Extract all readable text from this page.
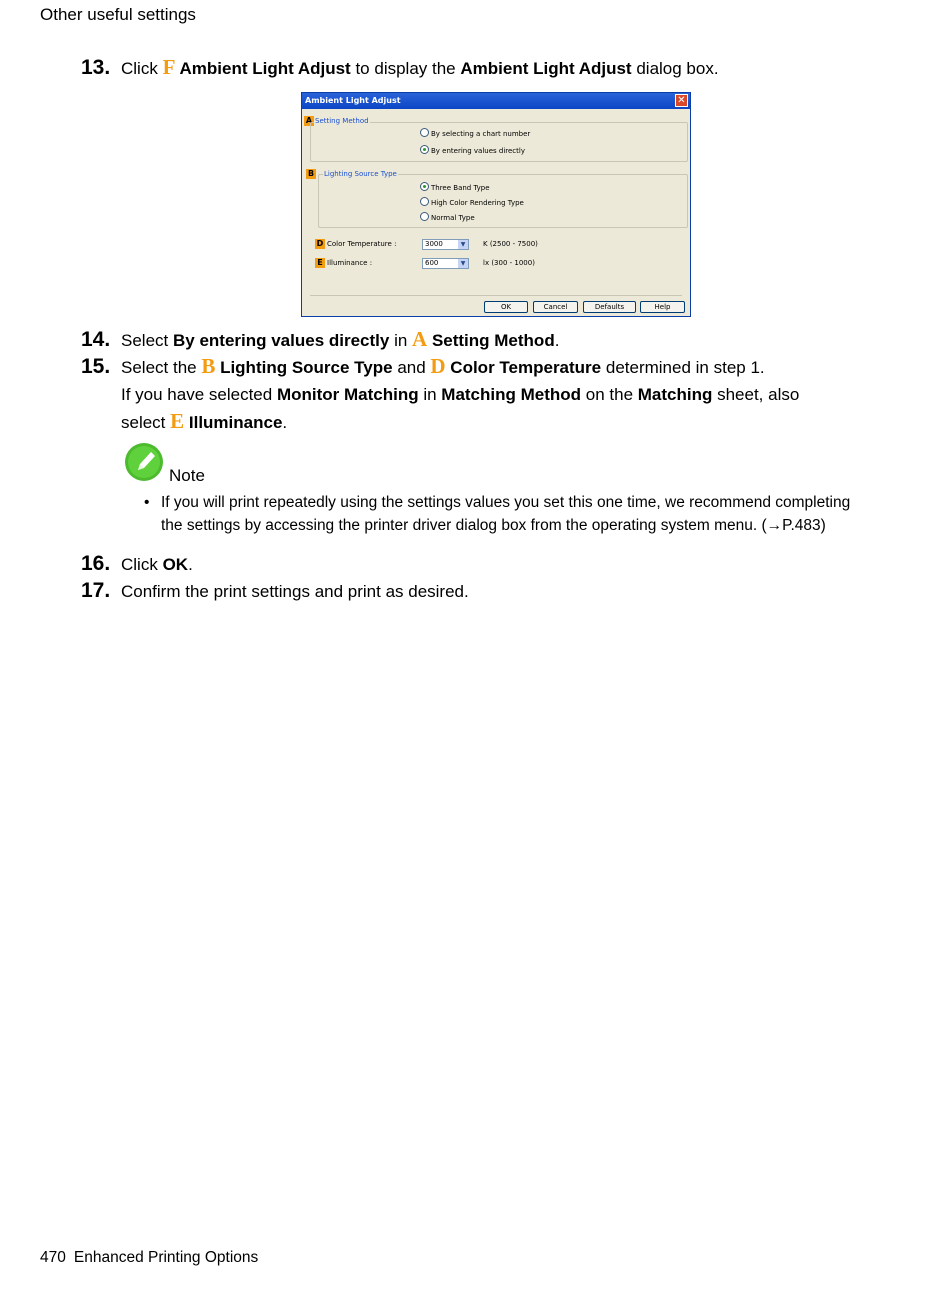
Other useful settings
13. Click F Ambient Light Adjust to display the Ambient Light Adjust dialog box.
Ambient Light Adjust	✕
A Setting Method
By selecting a chart number
By entering values directly
B Lighting Source Type
Three Band Type
High Color Rendering Type
Normal Type
D Color Temperature :	3000	▼	K (2500 - 7500)
E Illuminance :	600	▼	lx (300 - 1000)
OK	Cancel	Defaults	Help
14. Select By entering values directly in A Setting Method.
15. Select the B Lighting Source Type and D Color Temperature determined in step 1.
If you have selected Monitor Matching in Matching Method on the Matching sheet, also
select E Illuminance.
Note
• If you will print repeatedly using the settings values you set this one time, we recommend completing
the settings by accessing the printer driver dialog box from the operating system menu. (→P.483)
16. Click OK.
17. Confirm the print settings and print as desired.
470 Enhanced Printing Options
